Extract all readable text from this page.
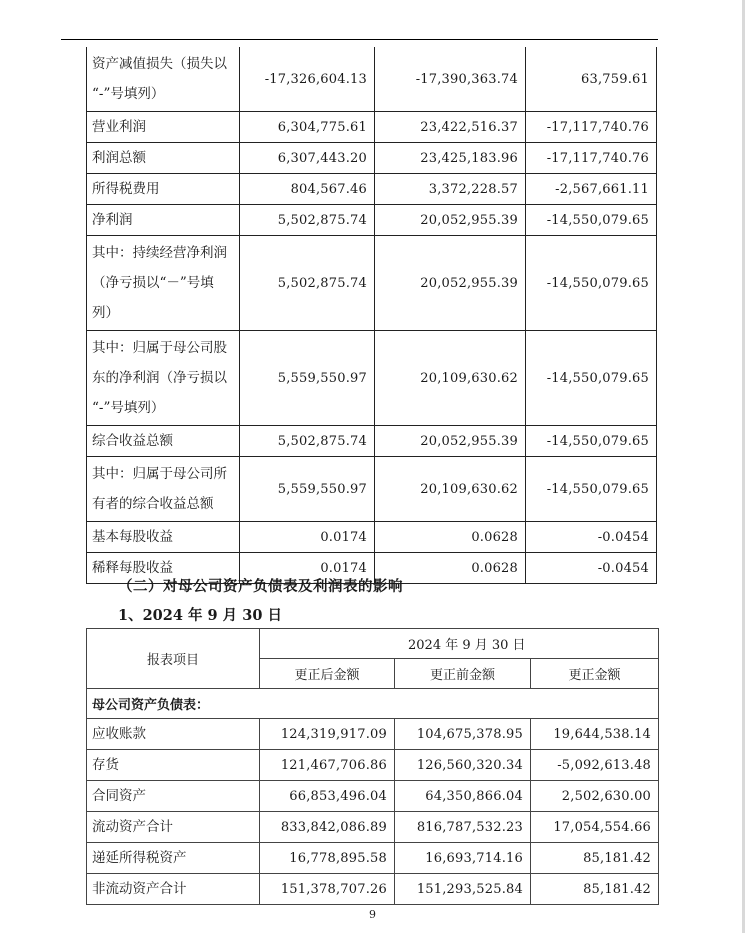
资产减值损失（损失以
“-”号填列）	-17,326,604.13	-17,390,363.74	63,759.61
营业利润	6,304,775.61	23,422,516.37	-17,117,740.76
利润总额	6,307,443.20	23,425,183.96	-17,117,740.76
所得税费用	804,567.46	3,372,228.57	-2,567,661.11
净利润	5,502,875.74	20,052,955.39	-14,550,079.65

其中：持续经营净利润
（净亏损以“－”号填
列）	5,502,875.74	20,052,955.39	-14,550,079.65

其中：归属于母公司股
东的净利润（净亏损以
“-”号填列）	5,559,550.97	20,109,630.62	-14,550,079.65
综合收益总额	5,502,875.74	20,052,955.39	-14,550,079.65

其中：归属于母公司所
有者的综合收益总额	5,559,550.97	20,109,630.62	-14,550,079.65
基本每股收益	0.0174	0.0628	-0.0454
稀释每股收益	0.0174	0.0628	-0.0454
（二）对母公司资产负债表及利润表的影响
1、2024 年 9 月 30 日
报表项目	2024 年 9 月 30 日		
	更正后金额	更正前金额	更正金额
母公司资产负债表：			
应收账款	124,319,917.09	104,675,378.95	19,644,538.14
存货	121,467,706.86	126,560,320.34	-5,092,613.48
合同资产	66,853,496.04	64,350,866.04	2,502,630.00
流动资产合计	833,842,086.89	816,787,532.23	17,054,554.66
递延所得税资产	16,778,895.58	16,693,714.16	85,181.42
非流动资产合计	151,378,707.26	151,293,525.84	85,181.42
9
